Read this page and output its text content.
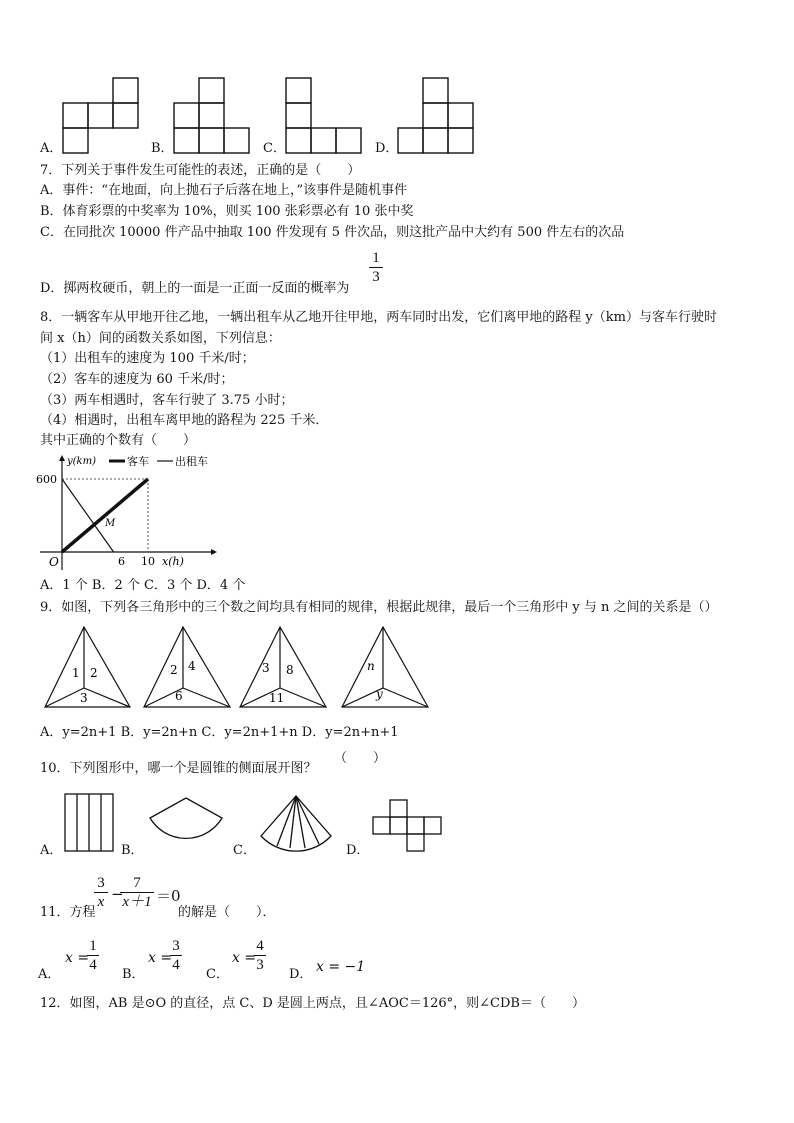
A．	B．	C．	D．
7．下列关于事件发生可能性的表述，正确的是（　　）
A．事件：“在地面，向上抛石子后落在地上，”该事件是随机事件
B．体育彩票的中奖率为 10%，则买 100 张彩票必有 10 张中奖
C．在同批次 10000 件产品中抽取 100 件发现有 5 件次品，则这批产品中大约有 500 件左右的次品
D．掷两枚硬币，朝上的一面是一正面一反面的概率为
1
3
8．一辆客车从甲地开往乙地，一辆出租车从乙地开往甲地，两车同时出发，它们离甲地的路程 y（km）与客车行驶时
间 x（h）间的函数关系如图，下列信息：
（1）出租车的速度为 100 千米/时；
（2）客车的速度为 60 千米/时；
（3）两车相遇时，客车行驶了 3.75 小时；
（4）相遇时，出租车离甲地的路程为 225 千米．
其中正确的个数有（　　）
600
O	6 10 x(h)
y(km)
M
客车 出租车
A．1 个 B．2 个 C．3 个 D．4 个
9．如图，下列各三角形中的三个数之间均具有相同的规律，根据此规律，最后一个三角形中 y 与 n 之间的关系是（）
1 2
3
2 4
6
3 8
11
n
y
A．y=2n+1 B．y=2n+n C．y=2n+1+n D．y=2n+n+1
10．下列图形中，哪一个是圆锥的侧面展开图？
（　　）
A．	B．	C．	D．
11．方程
3
x −
7
x＋1 ＝0
的解是（　　）．
A．
x =
1
4
B．
x =
3
4
C．
x =
4
3
D． x = −1
12．如图，AB 是⊙O 的直径，点 C、D 是圆上两点，且∠AOC＝126°，则∠CDB＝（　　）
